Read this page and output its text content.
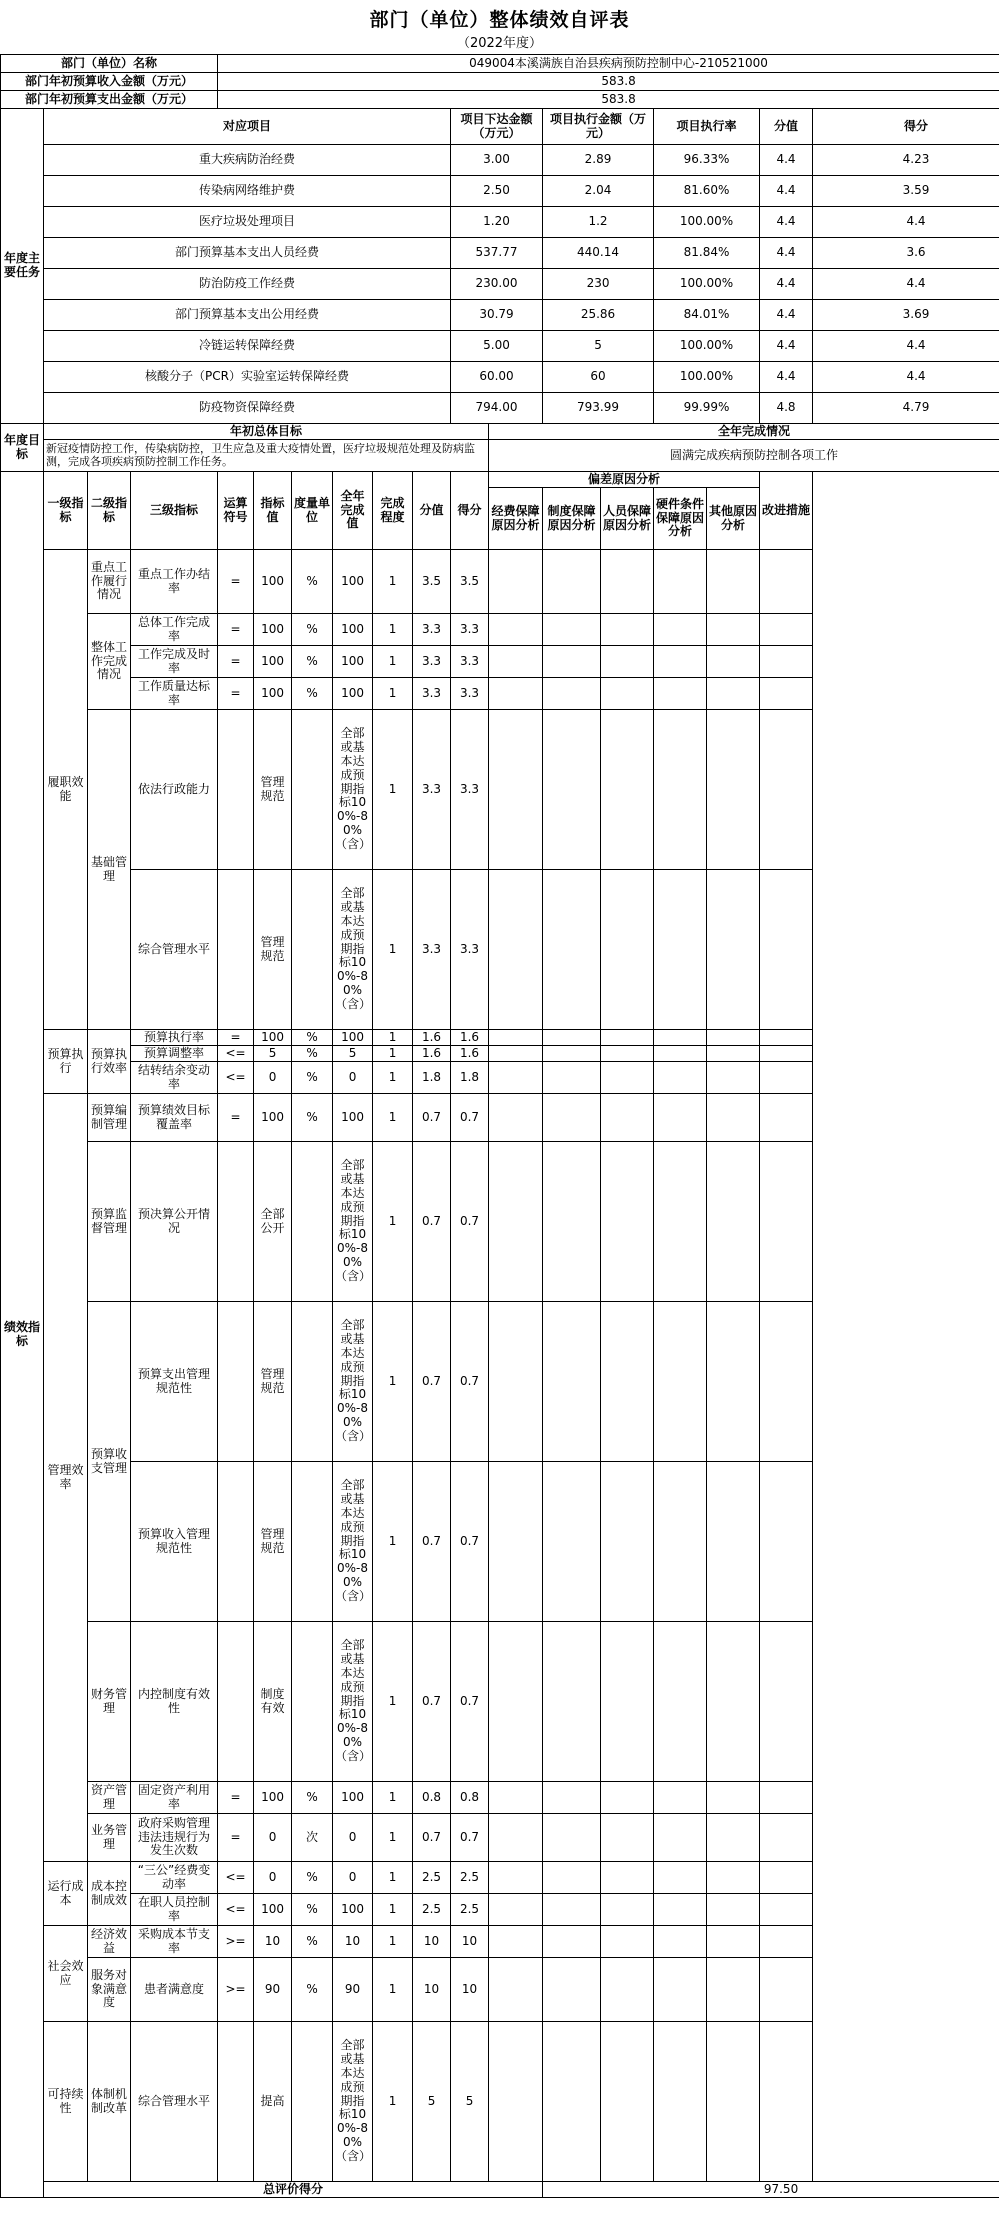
部门（单位）整体绩效自评表
（2022年度）
部门（单位）名称				049004本溪满族自治县疾病预防控制中心-210521000													
部门年初预算收入金额（万元）				583.8													
部门年初预算支出金额（万元）				583.8													
年度主要任务	对应项目									项目下达金额（万元）		项目执行金额（万元）		项目执行率		分值	得分
	重大疾病防治经费									3.00		2.89		96.33%		4.4	4.23
	传染病网络维护费									2.50		2.04		81.60%		4.4	3.59
	医疗垃圾处理项目									1.20		1.2		100.00%		4.4	4.4
	部门预算基本支出人员经费									537.77		440.14		81.84%		4.4	3.6
	防治防疫工作经费									230.00		230		100.00%		4.4	4.4
	部门预算基本支出公用经费									30.79		25.86		84.01%		4.4	3.69
	冷链运转保障经费									5.00		5		100.00%		4.4	4.4
	核酸分子（PCR）实验室运转保障经费									60.00		60		100.00%		4.4	4.4
	防疫物资保障经费									794.00		793.99		99.99%		4.8	4.79
年度目标	年初总体目标										全年完成情况						
	新冠疫情防控工作，传染病防控，卫生应急及重大疫情处置，医疗垃圾规范处理及防病监测，完成各项疾病预防控制工作任务。										圆满完成疾病预防控制各项工作						
绩效指标	一级指标	二级指标	三级指标	运算符号	指标值	度量单位	全年完成值	完成程度	分值	得分	偏差原因分析					改进措施	
											经费保障原因分析	制度保障原因分析	人员保障原因分析	硬件条件保障原因分析	其他原因分析		
	履职效能	重点工作履行情况	重点工作办结率	=	100	%	100	1	3.5	3.5							
		整体工作完成情况	总体工作完成率	=	100	%	100	1	3.3	3.3							
			工作完成及时率	=	100	%	100	1	3.3	3.3							
			工作质量达标率	=	100	%	100	1	3.3	3.3							
		基础管理	依法行政能力		管理规范		全部或基本达成预期指标100%-80%（含）	1	3.3	3.3							
			综合管理水平		管理规范		全部或基本达成预期指标100%-80%（含）	1	3.3	3.3							
	预算执行	预算执行效率	预算执行率	=	100	%	100	1	1.6	1.6							
			预算调整率	<=	5	%	5	1	1.6	1.6							
			结转结余变动率	<=	0	%	0	1	1.8	1.8							
	管理效率	预算编制管理	预算绩效目标覆盖率	=	100	%	100	1	0.7	0.7							
		预算监督管理	预决算公开情况		全部公开		全部或基本达成预期指标100%-80%（含）	1	0.7	0.7							
		预算收支管理	预算支出管理规范性		管理规范		全部或基本达成预期指标100%-80%（含）	1	0.7	0.7							
			预算收入管理规范性		管理规范		全部或基本达成预期指标100%-80%（含）	1	0.7	0.7							
		财务管理	内控制度有效性		制度有效		全部或基本达成预期指标100%-80%（含）	1	0.7	0.7							
		资产管理	固定资产利用率	=	100	%	100	1	0.8	0.8							
		业务管理	政府采购管理违法违规行为发生次数	=	0	次	0	1	0.7	0.7							
	运行成本	成本控制成效	“三公”经费变动率	<=	0	%	0	1	2.5	2.5							
			在职人员控制率	<=	100	%	100	1	2.5	2.5							
	社会效应	经济效益	采购成本节支率	>=	10	%	10	1	10	10							
		服务对象满意度	患者满意度	>=	90	%	90	1	10	10							
	可持续性	体制机制改革	综合管理水平		提高		全部或基本达成预期指标100%-80%（含）	1	5	5							
	总评价得分											97.50					
